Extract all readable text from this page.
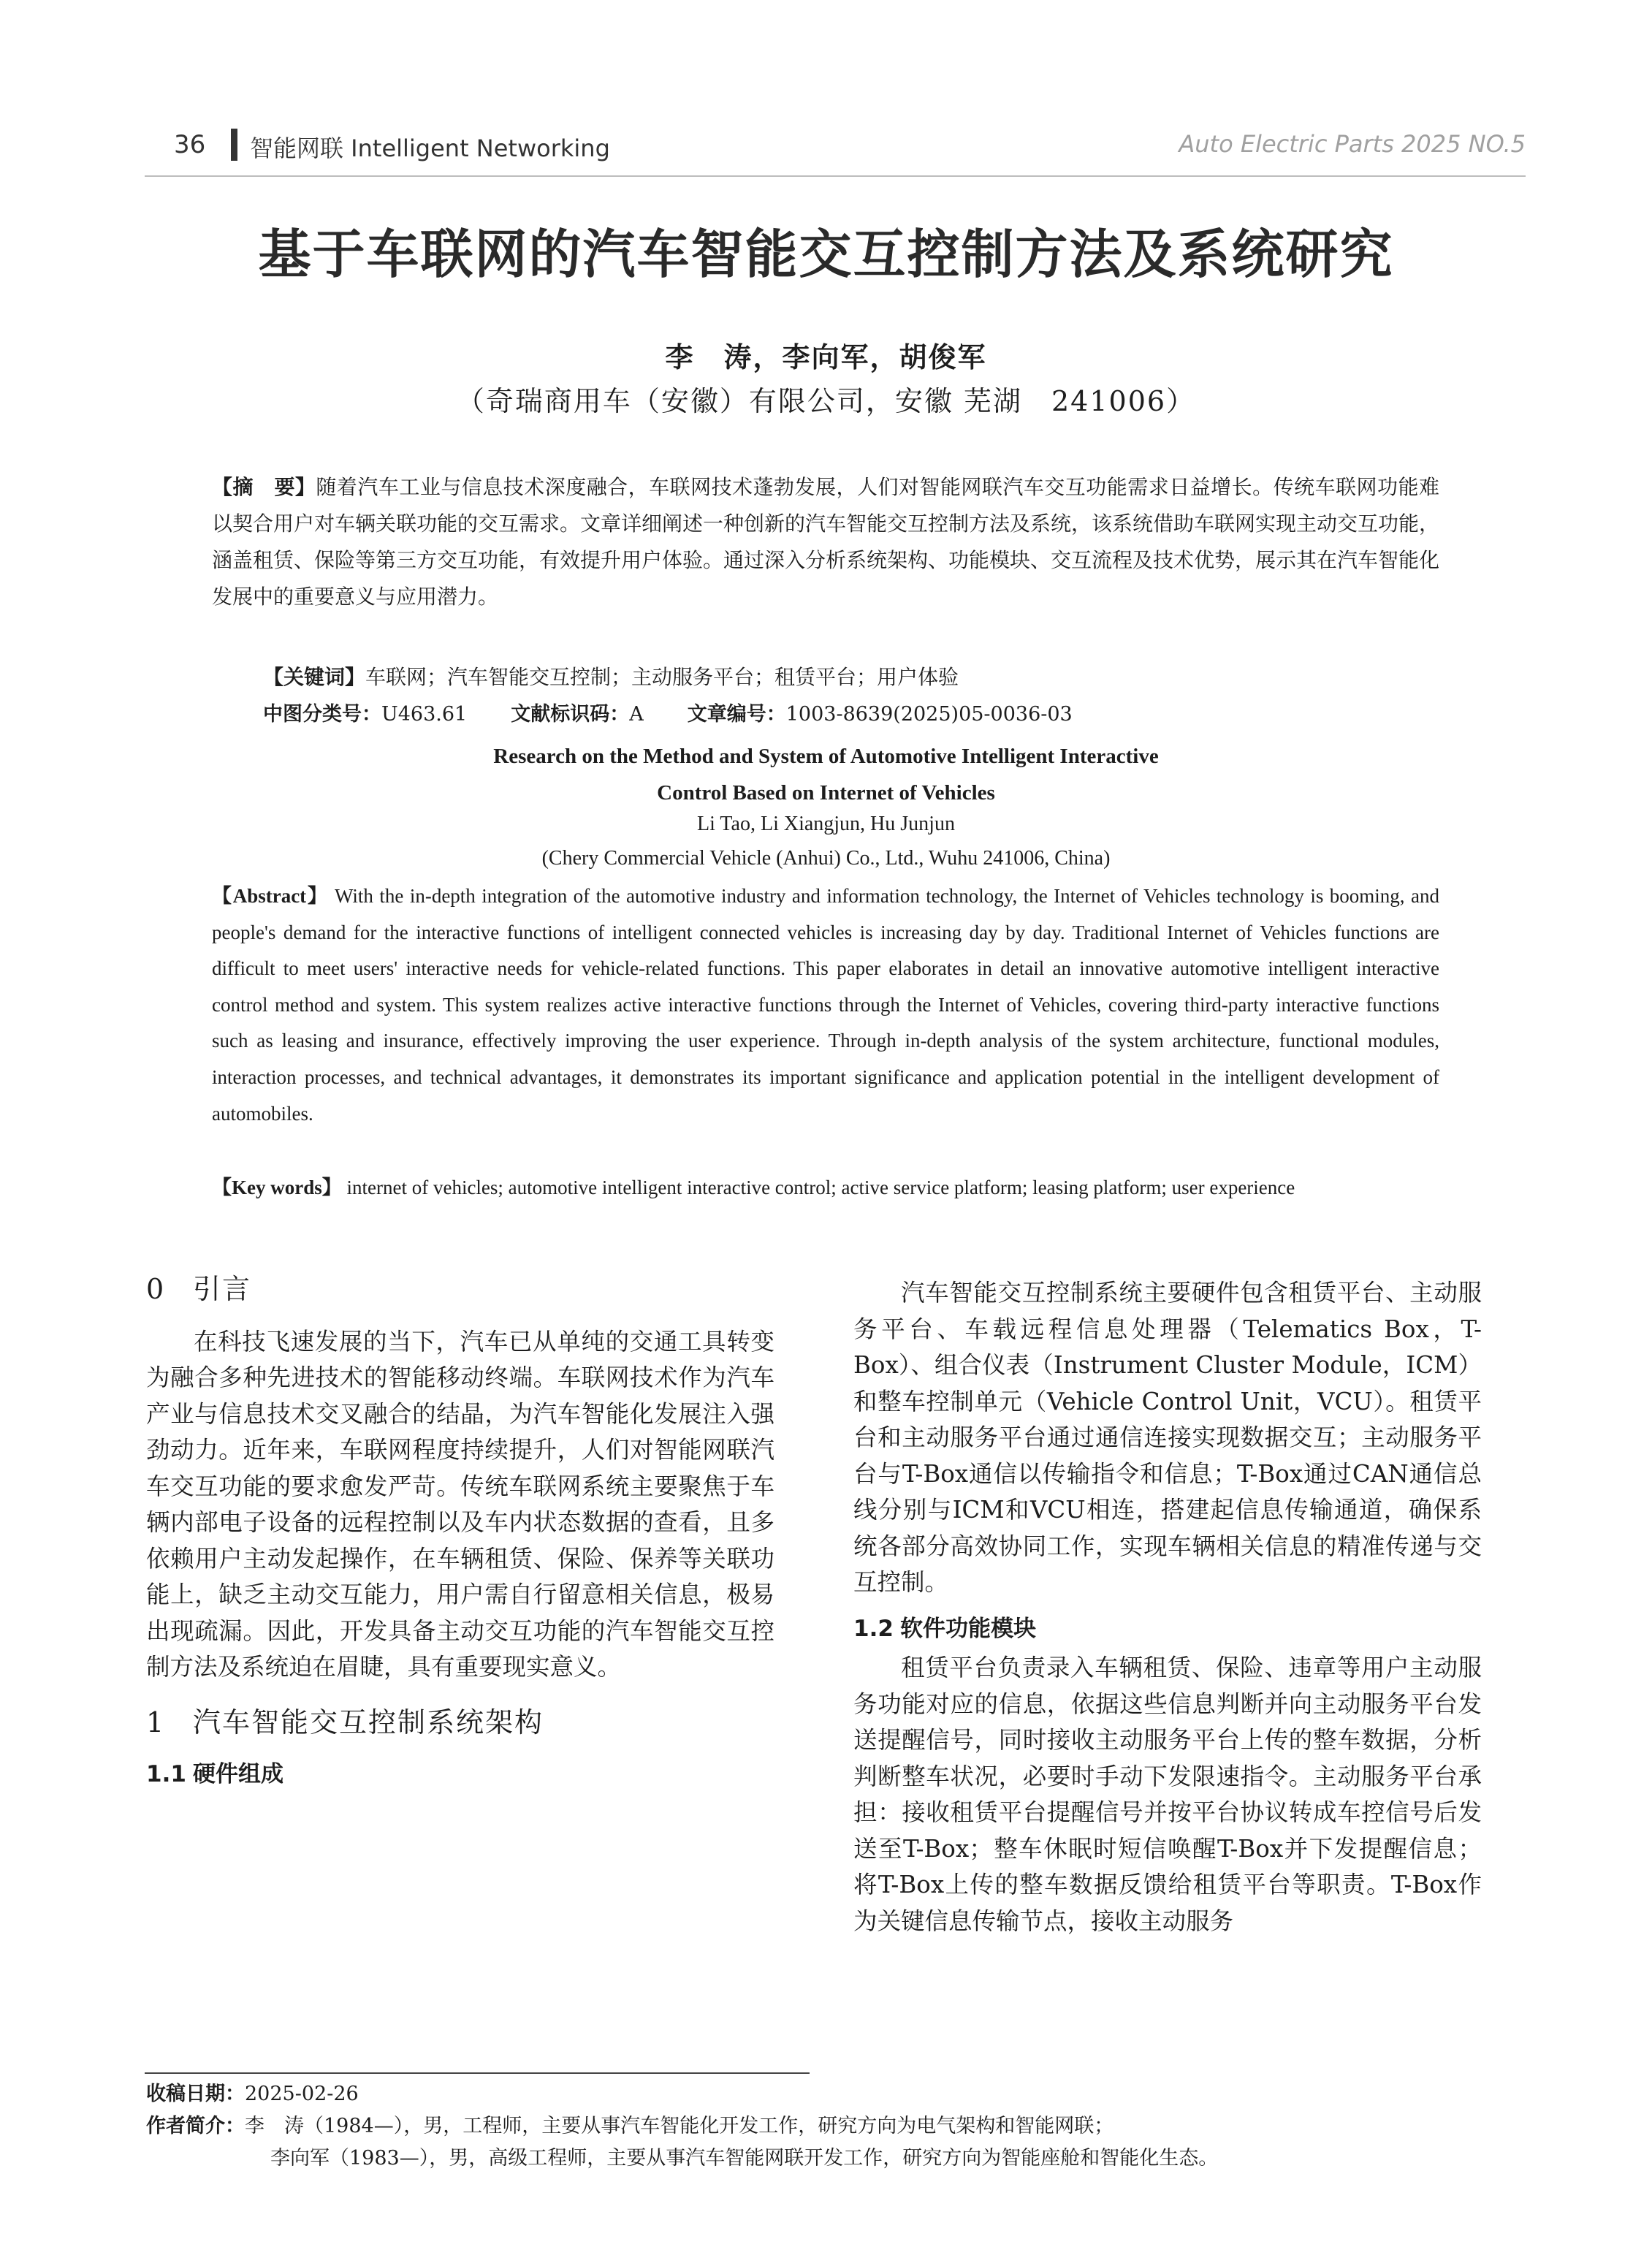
36 智能网联 Intelligent Networking	Auto Electric Parts 2025 NO.5
基于车联网的汽车智能交互控制方法及系统研究
李　涛，李向军，胡俊军
（奇瑞商用车（安徽）有限公司，安徽 芜湖　241006）
【摘　要】随着汽车工业与信息技术深度融合，车联网技术蓬勃发展，人们对智能网联汽车交互功能需求日益增长。传统车联网功能难以契合用户对车辆关联功能的交互需求。文章详细阐述一种创新的汽车智能交互控制方法及系统，该系统借助车联网实现主动交互功能，涵盖租赁、保险等第三方交互功能，有效提升用户体验。通过深入分析系统架构、功能模块、交互流程及技术优势，展示其在汽车智能化发展中的重要意义与应用潜力。
【关键词】车联网；汽车智能交互控制；主动服务平台；租赁平台；用户体验
中图分类号：U463.61 文献标识码：A 文章编号：1003-8639(2025)05-0036-03
Research on the Method and System of Automotive Intelligent Interactive
Control Based on Internet of Vehicles
Li Tao, Li Xiangjun, Hu Junjun
(Chery Commercial Vehicle (Anhui) Co., Ltd., Wuhu 241006, China)
【Abstract】 With the in-depth integration of the automotive industry and information technology, the Internet of Vehicles technology is booming, and people's demand for the interactive functions of intelligent connected vehicles is increasing day by day. Traditional Internet of Vehicles functions are difficult to meet users' interactive needs for vehicle-related functions. This paper elaborates in detail an innovative automotive intelligent interactive control method and system. This system realizes active interactive functions through the Internet of Vehicles, covering third-party interactive functions such as leasing and insurance, effectively improving the user experience. Through in-depth analysis of the system architecture, functional modules, interaction processes, and technical advantages, it demonstrates its important significance and application potential in the intelligent development of automobiles.
【Key words】 internet of vehicles; automotive intelligent interactive control; active service platform; leasing platform; user experience
0 引言

在科技飞速发展的当下，汽车已从单纯的交通工具转变为融合多种先进技术的智能移动终端。车联网技术作为汽车产业与信息技术交叉融合的结晶，为汽车智能化发展注入强劲动力。近年来，车联网程度持续提升，人们对智能网联汽车交互功能的要求愈发严苛。传统车联网系统主要聚焦于车辆内部电子设备的远程控制以及车内状态数据的查看，且多依赖用户主动发起操作，在车辆租赁、保险、保养等关联功能上，缺乏主动交互能力，用户需自行留意相关信息，极易出现疏漏。因此，开发具备主动交互功能的汽车智能交互控制方法及系统迫在眉睫，具有重要现实意义。

1 汽车智能交互控制系统架构
1.1 硬件组成

汽车智能交互控制系统主要硬件包含租赁平台、主动服务平台、车载远程信息处理器（Telematics Box，T-Box）、组合仪表（Instrument Cluster Module，ICM）和整车控制单元（Vehicle Control Unit，VCU）。租赁平台和主动服务平台通过通信连接实现数据交互；主动服务平台与T-Box通信以传输指令和信息；T-Box通过CAN通信总线分别与ICM和VCU相连，搭建起信息传输通道，确保系统各部分高效协同工作，实现车辆相关信息的精准传递与交互控制。

1.2 软件功能模块

租赁平台负责录入车辆租赁、保险、违章等用户主动服务功能对应的信息，依据这些信息判断并向主动服务平台发送提醒信号，同时接收主动服务平台上传的整车数据，分析判断整车状况，必要时手动下发限速指令。主动服务平台承担：接收租赁平台提醒信号并按平台协议转成车控信号后发送至T-Box；整车休眠时短信唤醒T-Box并下发提醒信息；将T-Box上传的整车数据反馈给租赁平台等职责。T-Box作为关键信息传输节点，接收主动服务

收稿日期：2025-02-26
作者简介：李　涛（1984—），男，工程师，主要从事汽车智能化开发工作，研究方向为电气架构和智能网联；
李向军（1983—），男，高级工程师，主要从事汽车智能网联开发工作，研究方向为智能座舱和智能化生态。
